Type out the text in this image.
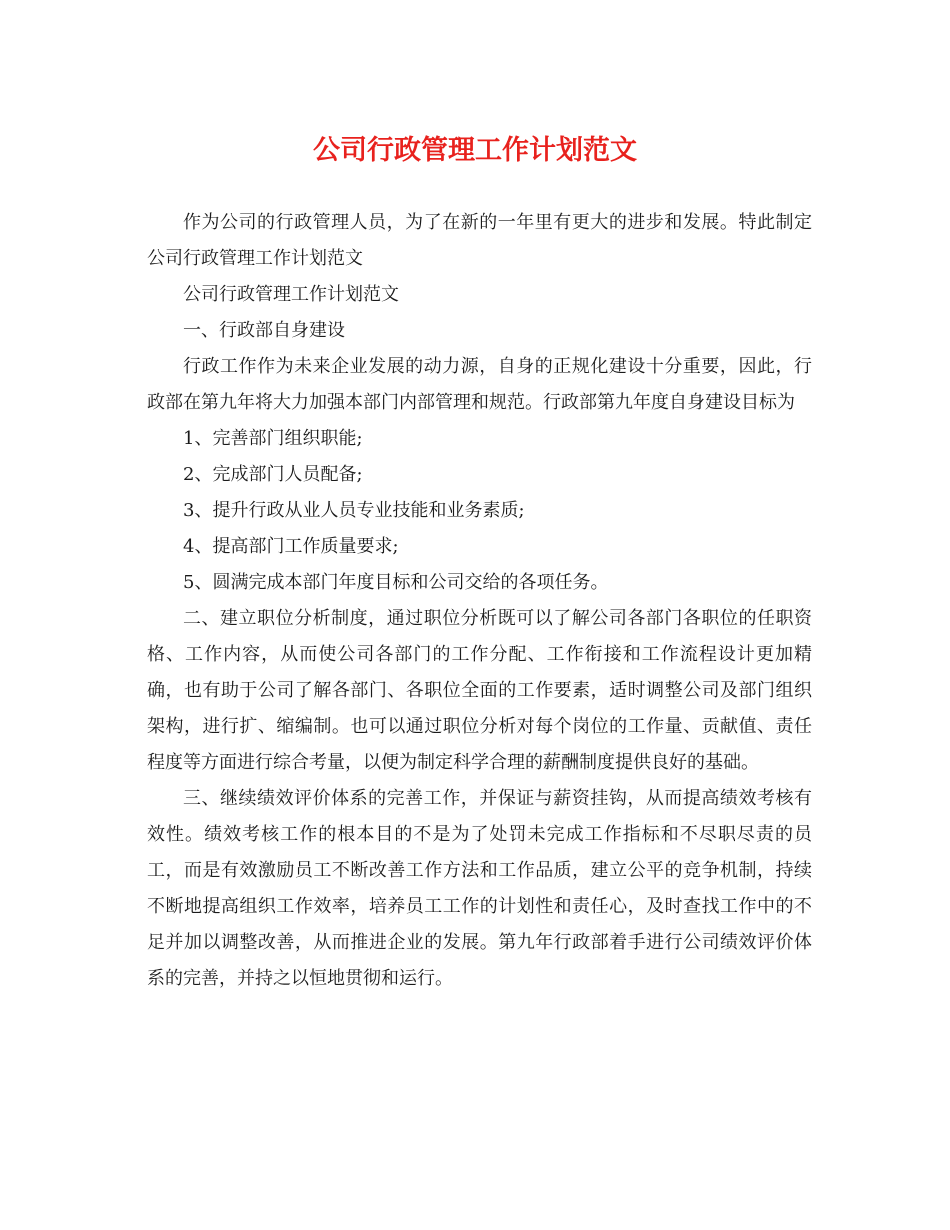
公司行政管理工作计划范文

作为公司的行政管理人员，为了在新的一年里有更大的进步和发展。特此制定公司行政管理工作计划范文

公司行政管理工作计划范文

一、行政部自身建设

行政工作作为未来企业发展的动力源，自身的正规化建设十分重要，因此，行政部在第九年将大力加强本部门内部管理和规范。行政部第九年度自身建设目标为

1、完善部门组织职能;

2、完成部门人员配备;

3、提升行政从业人员专业技能和业务素质;

4、提高部门工作质量要求;

5、圆满完成本部门年度目标和公司交给的各项任务。

二、建立职位分析制度，通过职位分析既可以了解公司各部门各职位的任职资格、工作内容，从而使公司各部门的工作分配、工作衔接和工作流程设计更加精确，也有助于公司了解各部门、各职位全面的工作要素，适时调整公司及部门组织架构，进行扩、缩编制。也可以通过职位分析对每个岗位的工作量、贡献值、责任程度等方面进行综合考量，以便为制定科学合理的薪酬制度提供良好的基础。

三、继续绩效评价体系的完善工作，并保证与薪资挂钩，从而提高绩效考核有效性。绩效考核工作的根本目的不是为了处罚未完成工作指标和不尽职尽责的员工，而是有效激励员工不断改善工作方法和工作品质，建立公平的竞争机制，持续不断地提高组织工作效率，培养员工工作的计划性和责任心，及时查找工作中的不足并加以调整改善，从而推进企业的发展。第九年行政部着手进行公司绩效评价体系的完善，并持之以恒地贯彻和运行。
